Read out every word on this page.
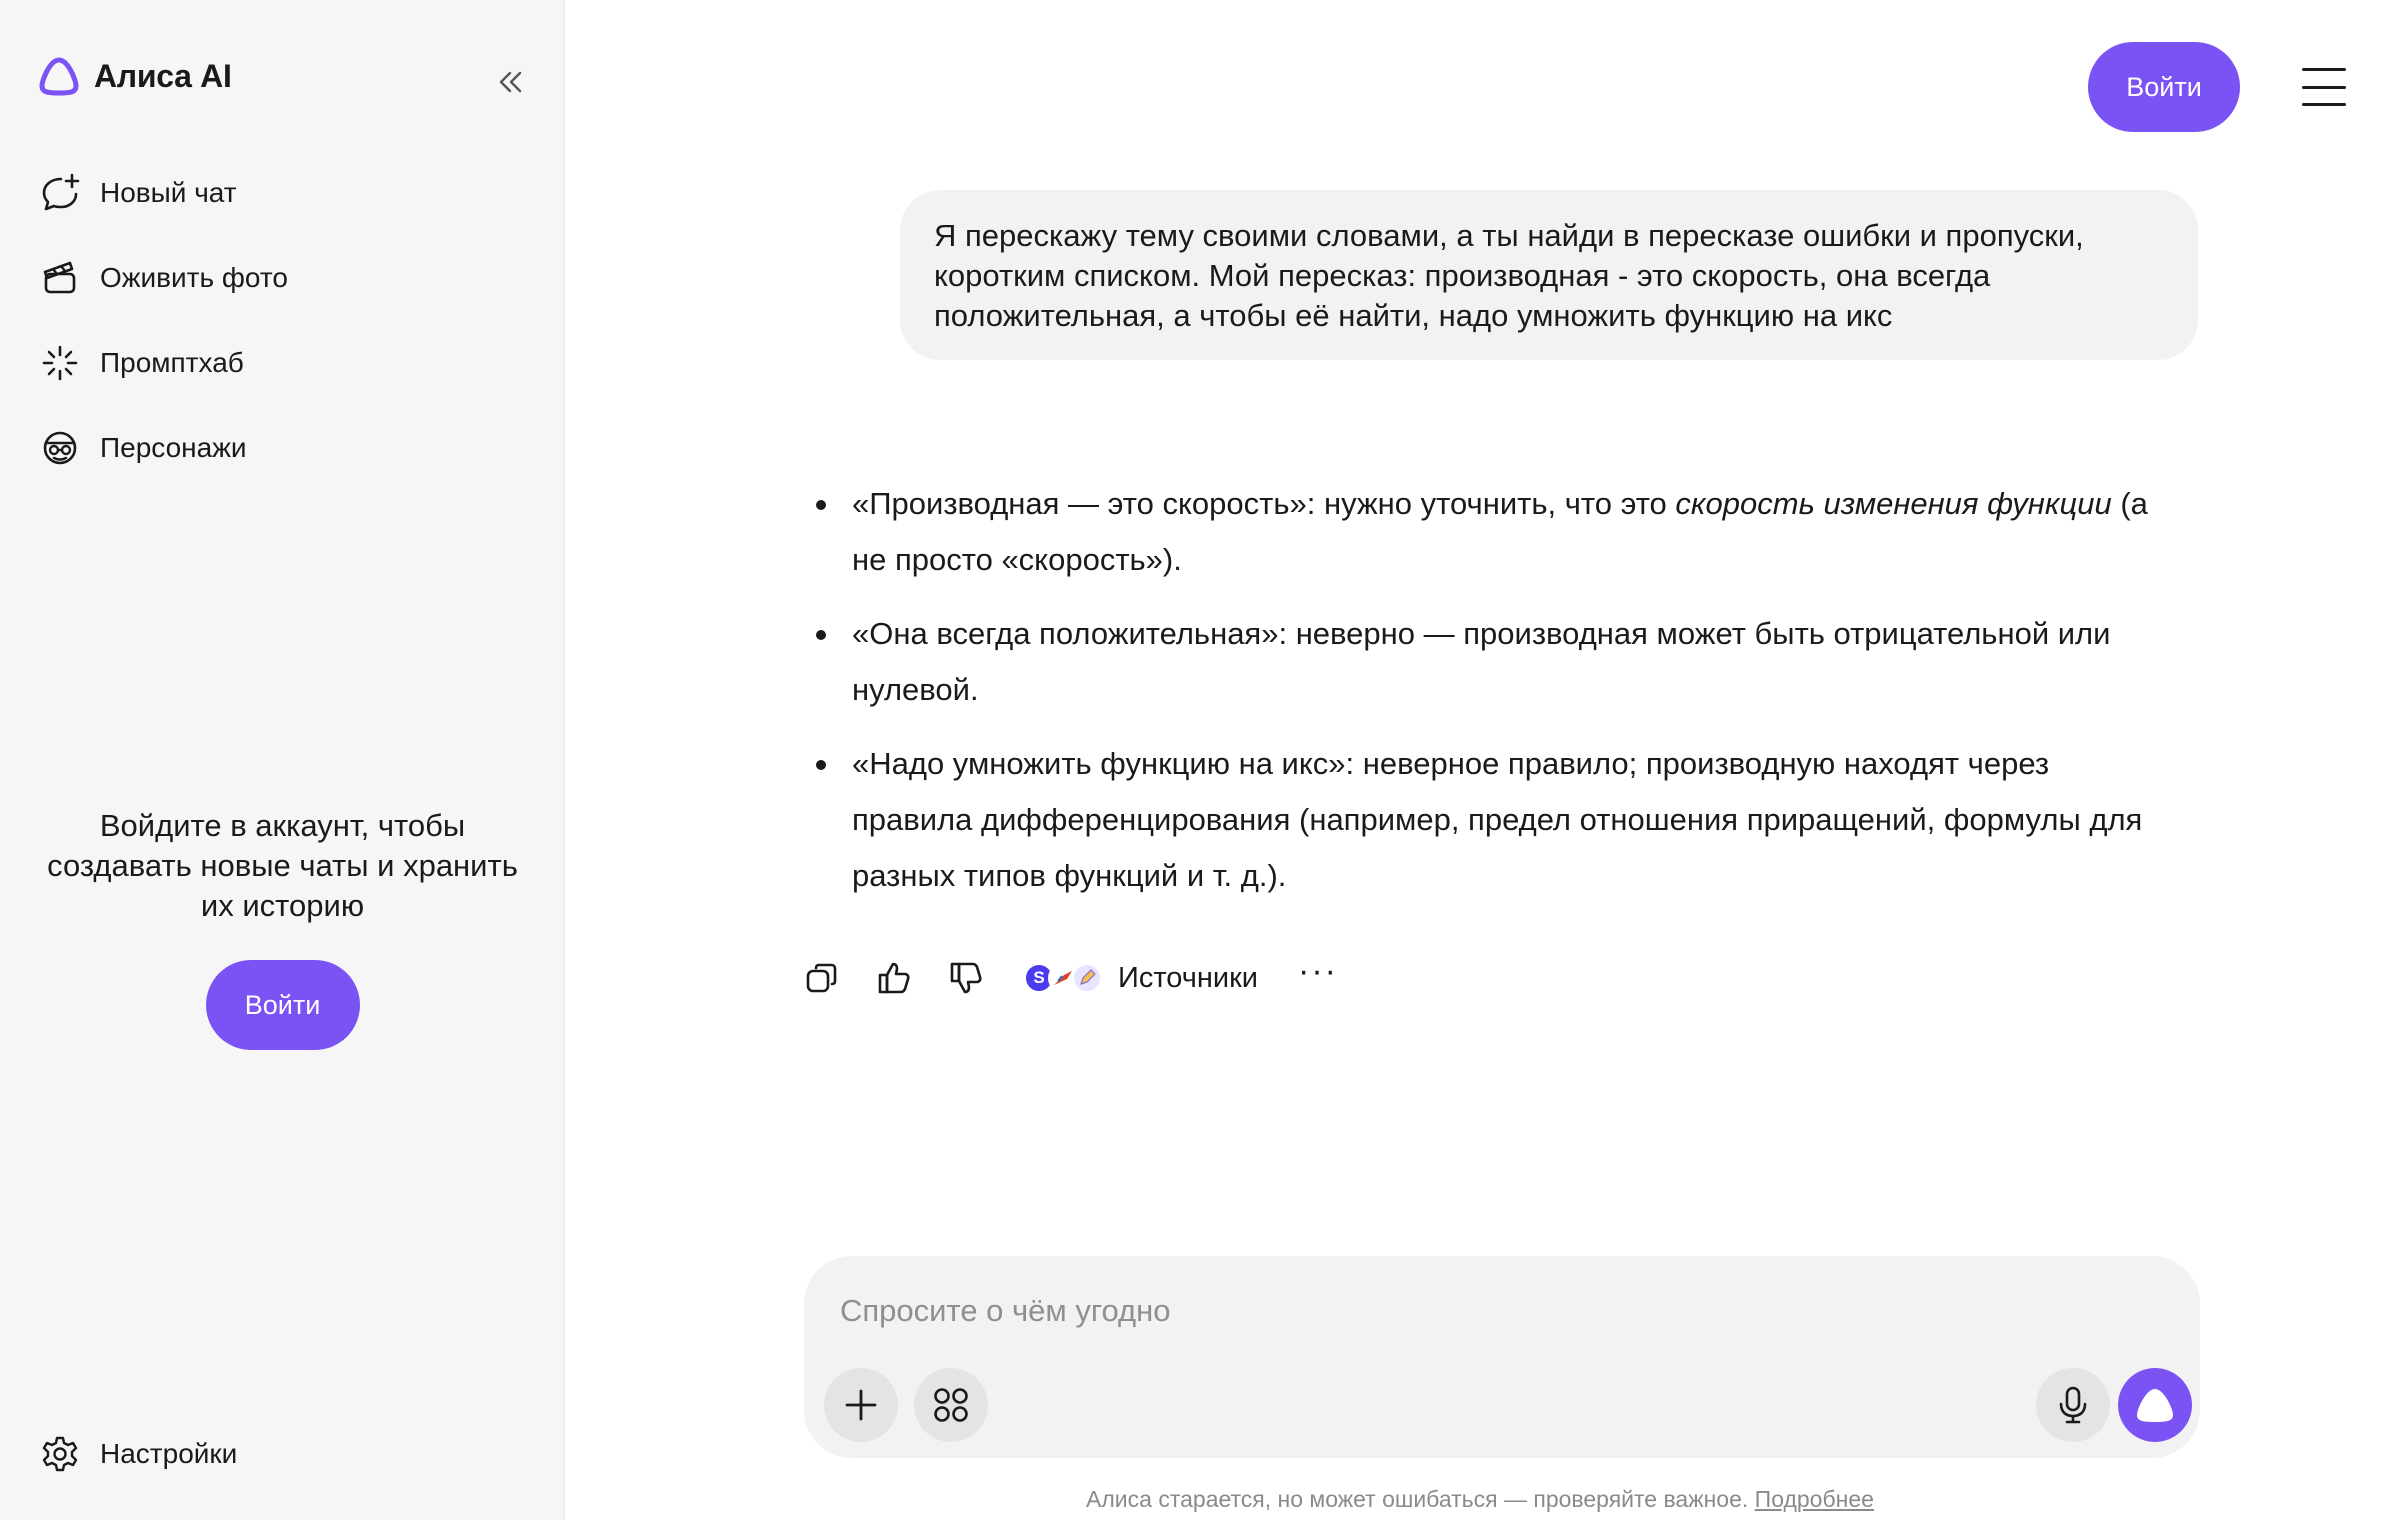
Алиса AI
Новый чат
Оживить фото
Промптхаб
Персонажи
Войдите в аккаунт, чтобы создавать новые чаты и хранить их историю
Войти
Настройки
Войти
Я перескажу тему своими словами, а ты найди в пересказе ошибки и пропуски, коротким списком. Мой пересказ: производная - это скорость, она всегда положительная, а чтобы её найти, надо умножить функцию на икс
«Производная — это скорость»: нужно уточнить, что это скорость изменения функции (а не просто «скорость»).
«Она всегда положительная»: неверно — производная может быть отрицательной или нулевой.
«Надо умножить функцию на икс»: неверное правило; производную находят через правила дифференцирования (например, предел отношения приращений, формулы для разных типов функций и т. д.).
S	Источники ···
Спросите о чём угодно
Алиса старается, но может ошибаться — проверяйте важное. Подробнее
